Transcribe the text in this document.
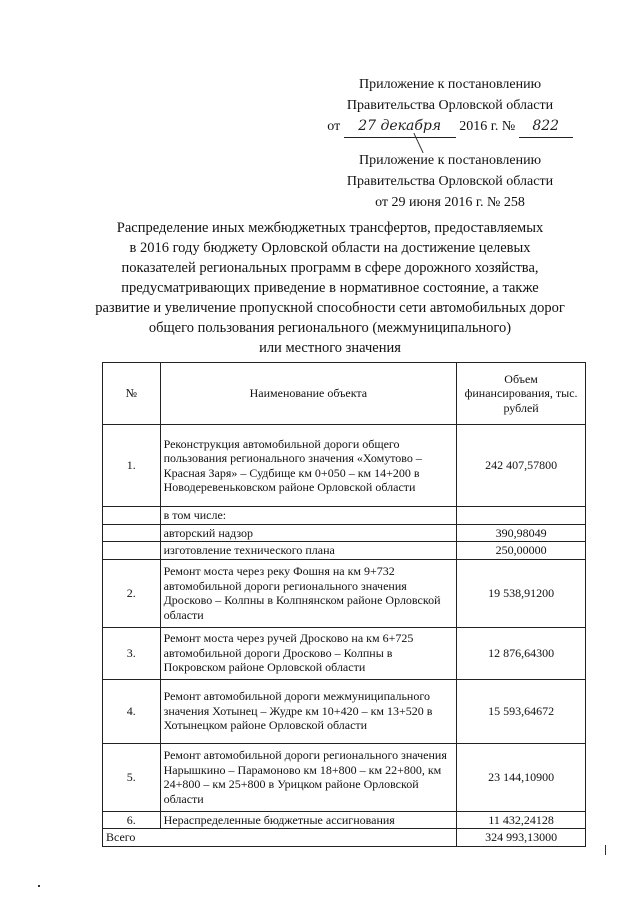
Приложение к постановлению
Правительства Орловской области
от 27 декабря 2016 г. № 822
Приложение к постановлению
Правительства Орловской области
от 29 июня 2016 г. № 258
Распределение иных межбюджетных трансфертов, предоставляемых
в 2016 году бюджету Орловской области на достижение целевых
показателей региональных программ в сфере дорожного хозяйства,
предусматривающих приведение в нормативное состояние, а также
развитие и увеличение пропускной способности сети автомобильных дорог
общего пользования регионального (межмуниципального)
или местного значения
№	Наименование объекта	Объем финансирования, тыс. рублей
1.	Реконструкция автомобильной дороги общего пользования регионального значения «Хомутово – Красная Заря» – Судбище км 0+050 – км 14+200 в Новодеревеньковском районе Орловской области	242 407,57800
	в том числе:	
	авторский надзор	390,98049
	изготовление технического плана	250,00000
2.	Ремонт моста через реку Фошня на км 9+732 автомобильной дороги регионального значения Дросково – Колпны в Колпнянском районе Орловской области	19 538,91200
3.	Ремонт моста через ручей Дросково на км 6+725 автомобильной дороги Дросково – Колпны в Покровском районе Орловской области	12 876,64300
4.	Ремонт автомобильной дороги межмуниципального значения Хотынец – Жудре км 10+420 – км 13+520 в Хотынецком районе Орловской области	15 593,64672
5.	Ремонт автомобильной дороги регионального значения Нарышкино – Парамоново км 18+800 – км 22+800, км 24+800 – км 25+800 в Урицком районе Орловской области	23 144,10900
6.	Нераспределенные бюджетные ассигнования	11 432,24128
Всего		324 993,13000
